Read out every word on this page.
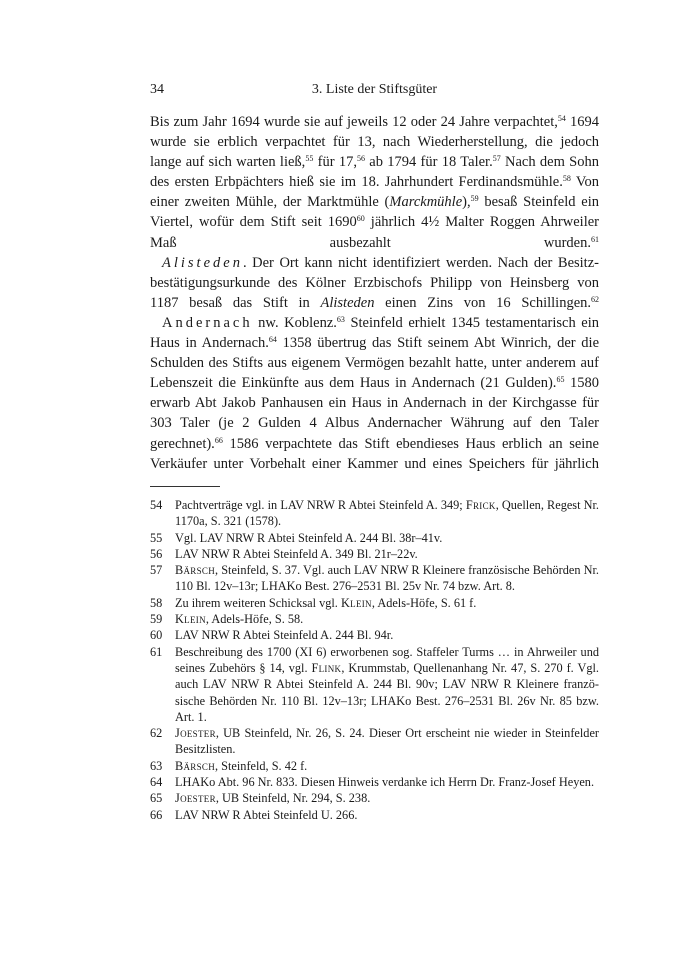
34	3. Liste der Stiftsgüter

Bis zum Jahr 1694 wurde sie auf jeweils 12 oder 24 Jahre verpachtet,$^{54}$ 1694 wurde sie erblich verpachtet für 13, nach Wiederherstellung, die jedoch lange auf sich warten ließ,$^{55}$ für 17,56 ab 1794 für 18 Taler.$^{57}$ Nach dem Sohn des ersten Erbpächters hieß sie im 18. Jahrhundert Ferdinandsmühle.$^{58}$ Von einer zweiten Mühle, der Marktmühle (Marckmühle),$^{59}$ besaß Steinfeld ein Viertel, wofür dem Stift seit 1690$^{60}$ jährlich 4½ Malter Roggen Ahrweiler Maß ausbezahlt wurden.$^{61}$

Alisteden. Der Ort kann nicht identifiziert werden. Nach der Besitzbestätigungsurkunde des Kölner Erzbischofs Philipp von Heinsberg von 1187 besaß das Stift in Alisteden einen Zins von 16 Schillingen.$^{62}$

Andernach nw. Koblenz.$^{63}$ Steinfeld erhielt 1345 testamentarisch ein Haus in Andernach.$^{64}$ 1358 übertrug das Stift seinem Abt Winrich, der die Schulden des Stifts aus eigenem Vermögen bezahlt hatte, unter anderem auf Lebenszeit die Einkünfte aus dem Haus in Andernach (21 Gulden).$^{65}$ 1580 erwarb Abt Jakob Panhausen ein Haus in Andernach in der Kirchgasse für 303 Taler (je 2 Gulden 4 Albus Andernacher Währung auf den Taler gerechnet).$^{66}$ 1586 verpachtete das Stift ebendieses Haus erblich an seine Verkäufer unter Vorbehalt einer Kammer und eines Speichers für jährlich

54	Pachtverträge vgl. in LAV NRW R Abtei Steinfeld A. 349; Frick, Quellen, Regest Nr. 1170a, S. 321 (1578).
55	Vgl. LAV NRW R Abtei Steinfeld A. 244 Bl. 38r–41v.
56	LAV NRW R Abtei Steinfeld A. 349 Bl. 21r–22v.
57	Bärsch, Steinfeld, S. 37. Vgl. auch LAV NRW R Kleinere französische Behörden Nr. 110 Bl. 12v–13r; LHAKo Best. 276–2531 Bl. 25v Nr. 74 bzw. Art. 8.
58	Zu ihrem weiteren Schicksal vgl. Klein, Adels-Höfe, S. 61 f.
59	Klein, Adels-Höfe, S. 58.
60	LAV NRW R Abtei Steinfeld A. 244 Bl. 94r.
61	Beschreibung des 1700 (XI 6) erworbenen sog. Staffeler Turms … in Ahrweiler und seines Zubehörs § 14, vgl. Flink, Krummstab, Quellenanhang Nr. 47, S. 270 f. Vgl. auch LAV NRW R Abtei Steinfeld A. 244 Bl. 90v; LAV NRW R Kleinere französische Behörden Nr. 110 Bl. 12v–13r; LHAKo Best. 276–2531 Bl. 26v Nr. 85 bzw. Art. 1.
62	Joester, UB Steinfeld, Nr. 26, S. 24. Dieser Ort erscheint nie wieder in Steinfelder Besitzlisten.
63	Bärsch, Steinfeld, S. 42 f.
64	LHAKo Abt. 96 Nr. 833. Diesen Hinweis verdanke ich Herrn Dr. Franz-Josef Heyen.
65	Joester, UB Steinfeld, Nr. 294, S. 238.
66	LAV NRW R Abtei Steinfeld U. 266.
